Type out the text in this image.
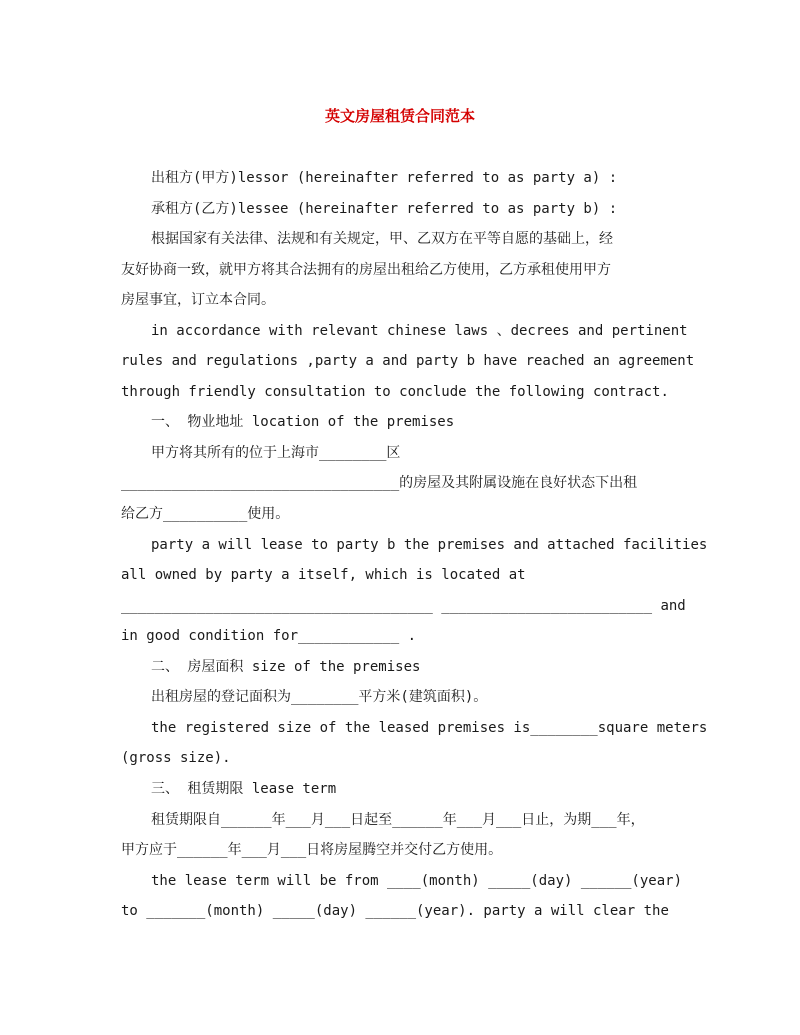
英文房屋租赁合同范本
出租方(甲方)lessor (hereinafter referred to as party a) :
承租方(乙方)lessee (hereinafter referred to as party b) :
根据国家有关法律、法规和有关规定，甲、乙双方在平等自愿的基础上，经
友好协商一致，就甲方将其合法拥有的房屋出租给乙方使用，乙方承租使用甲方
房屋事宜，订立本合同。
in accordance with relevant chinese laws 、decrees and pertinent
rules and regulations ,party a and party b have reached an agreement
through friendly consultation to conclude the following contract.
一、 物业地址 location of the premises
甲方将其所有的位于上海市________区
_________________________________的房屋及其附属设施在良好状态下出租
给乙方__________使用。
party a will lease to party b the premises and attached facilities
all owned by party a itself, which is located at
_____________________________________ _________________________ and
in good condition for____________ .
二、 房屋面积 size of the premises
出租房屋的登记面积为________平方米(建筑面积)。
the registered size of the leased premises is________square meters
(gross size).
三、 租赁期限 lease term
租赁期限自______年___月___日起至______年___月___日止，为期___年，
甲方应于______年___月___日将房屋腾空并交付乙方使用。
the lease term will be from ____(month) _____(day) ______(year)
to _______(month) _____(day) ______(year). party a will clear the
